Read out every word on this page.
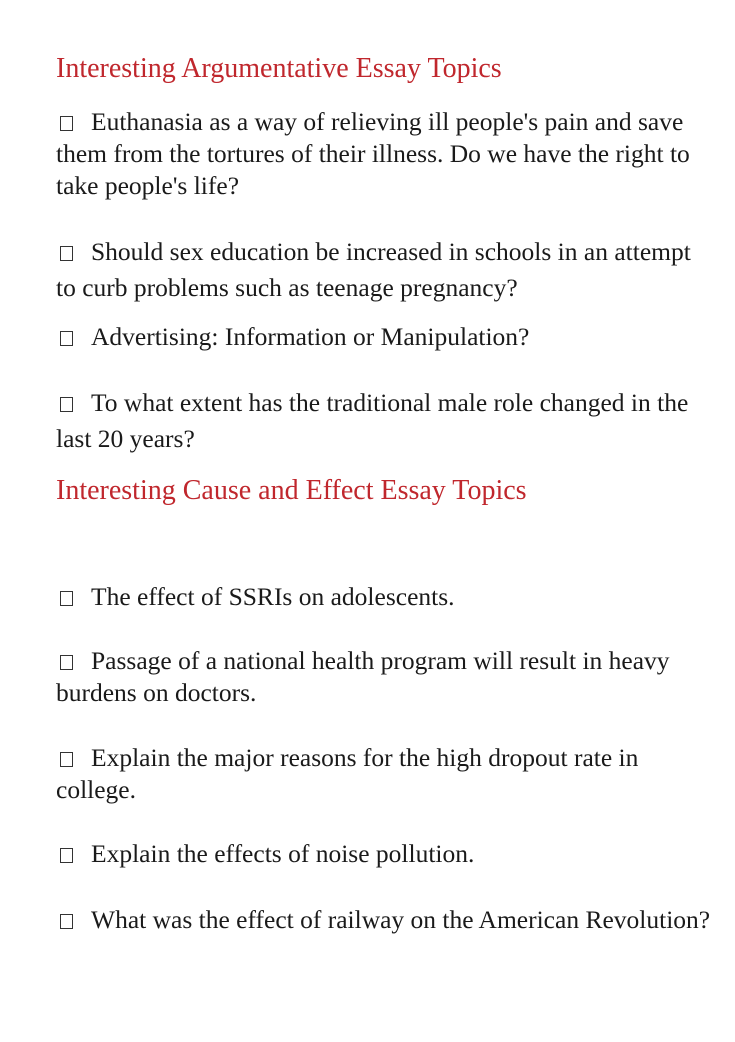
Interesting Argumentative Essay Topics

Euthanasia as a way of relieving ill people's pain and save them from the tortures of their illness. Do we have the right to take people's life?

Should sex education be increased in schools in an attempt to curb problems such as teenage pregnancy?

Advertising: Information or Manipulation?

To what extent has the traditional male role changed in the last 20 years?

Interesting Cause and Effect Essay Topics

The effect of SSRIs on adolescents.

Passage of a national health program will result in heavy burdens on doctors.

Explain the major reasons for the high dropout rate in college.

Explain the effects of noise pollution.

What was the effect of railway on the American Revolution?
